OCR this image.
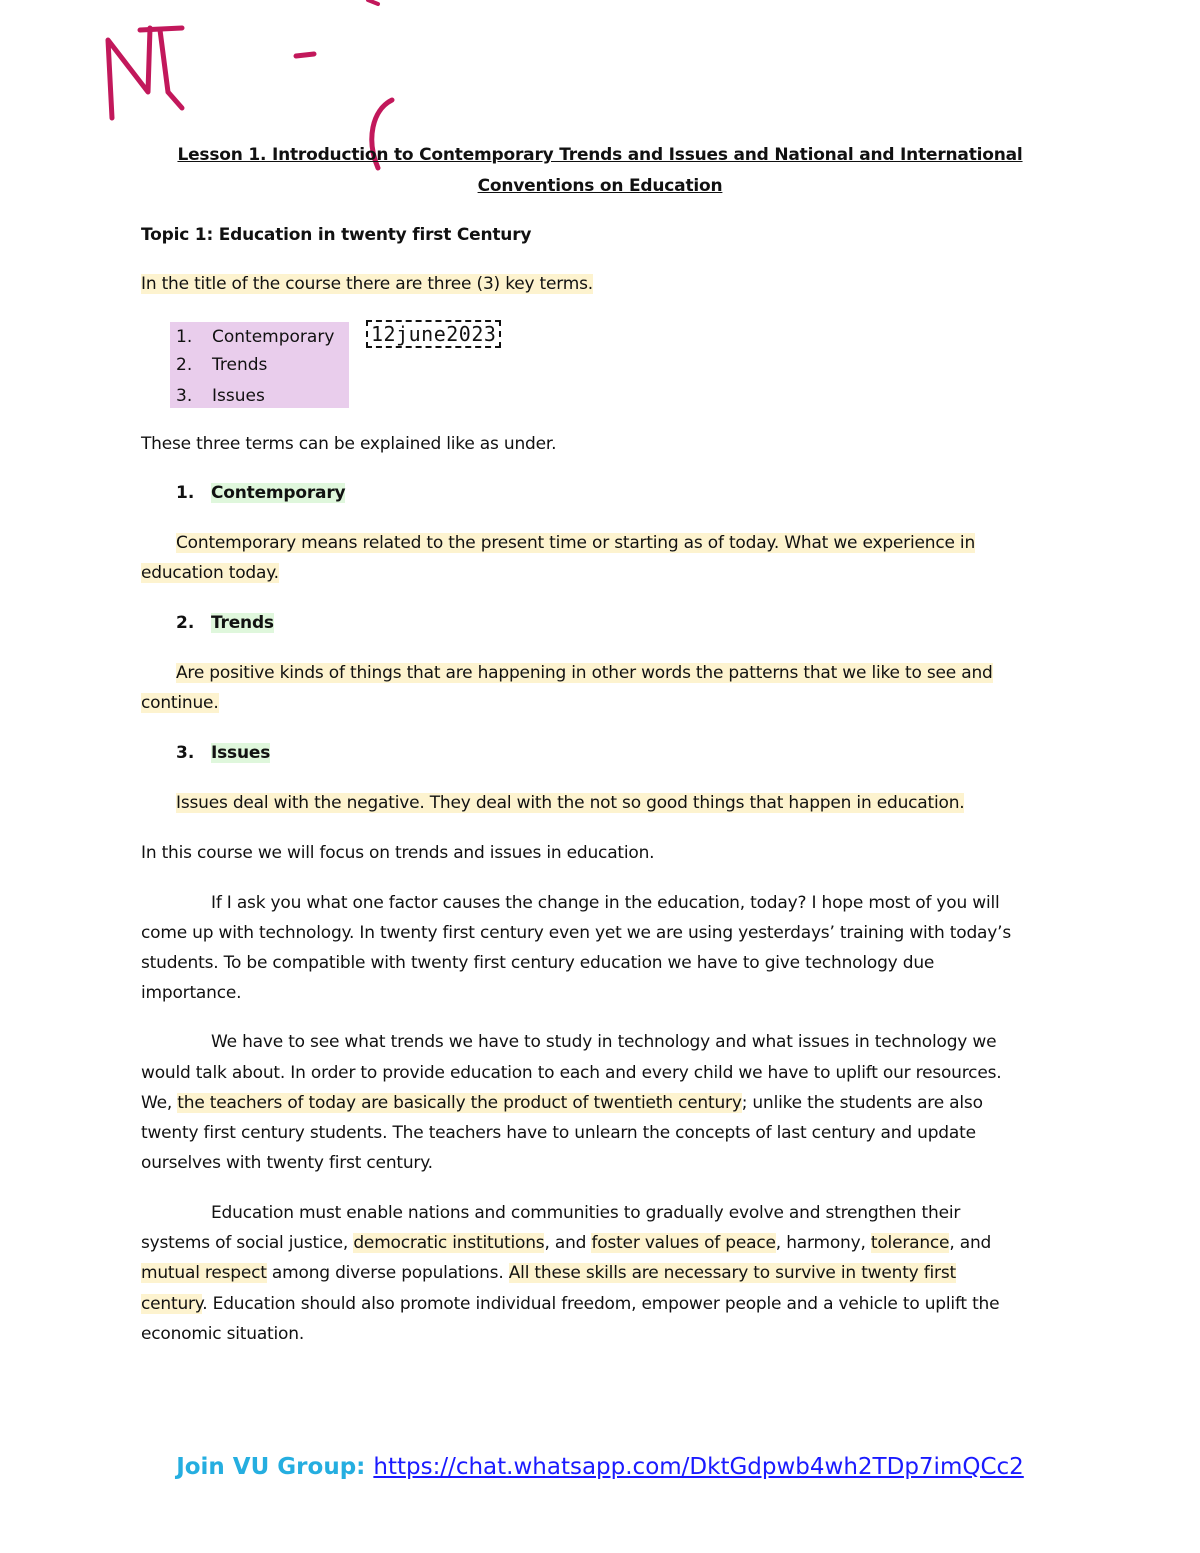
Lesson 1. Introduction to Contemporary Trends and Issues and National and International
Conventions on Education
Topic 1: Education in twenty first Century
In the title of the course there are three (3) key terms.
1. Contemporary
2. Trends
3. Issues
12june2023
These three terms can be explained like as under.
1. Contemporary
Contemporary means related to the present time or starting as of today. What we experience in
education today.
2. Trends
Are positive kinds of things that are happening in other words the patterns that we like to see and
continue.
3. Issues
Issues deal with the negative. They deal with the not so good things that happen in education.
In this course we will focus on trends and issues in education.
If I ask you what one factor causes the change in the education, today? I hope most of you will
come up with technology. In twenty first century even yet we are using yesterdays’ training with today’s
students. To be compatible with twenty first century education we have to give technology due
importance.
We have to see what trends we have to study in technology and what issues in technology we
would talk about. In order to provide education to each and every child we have to uplift our resources.
We, the teachers of today are basically the product of twentieth century; unlike the students are also
twenty first century students. The teachers have to unlearn the concepts of last century and update
ourselves with twenty first century.
Education must enable nations and communities to gradually evolve and strengthen their
systems of social justice, democratic institutions, and foster values of peace, harmony, tolerance, and
mutual respect among diverse populations. All these skills are necessary to survive in twenty first
century. Education should also promote individual freedom, empower people and a vehicle to uplift the
economic situation.
Join VU Group: https://chat.whatsapp.com/DktGdpwb4wh2TDp7imQCc2
